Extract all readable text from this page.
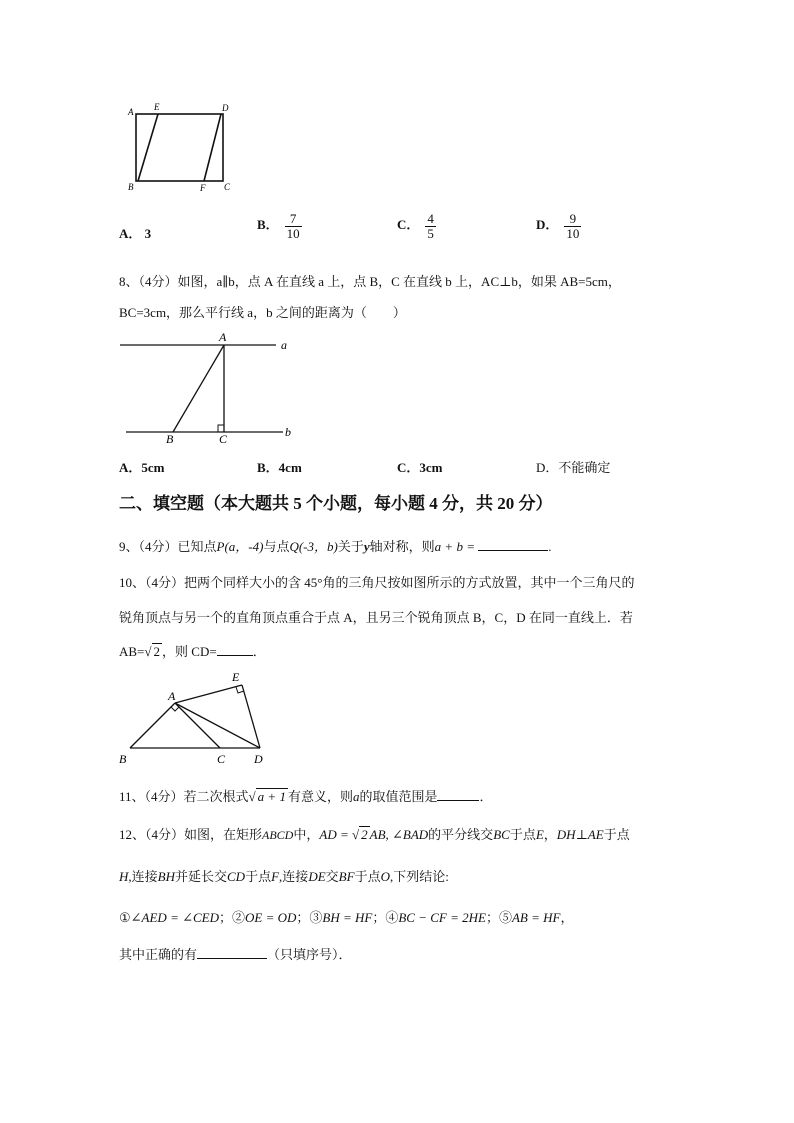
A E	D
B	F C
A． 3
B． $\frac{7}{10}$	C． $\frac{4}{5}$	D． $\frac{9}{10}$
8、（4分）如图，a∥b，点 A 在直线 a 上，点 B，C 在直线 b 上，AC⊥b，如果 AB=5cm，
BC=3cm，那么平行线 a，b 之间的距离为（　　）
A
a
B	C	b
A．5cm	B．4cm	C．3cm	D．不能确定
二、填空题（本大题共 5 个小题，每小题 4 分，共 20 分）
9、（4分）已知点P(a，-4)与点Q(-3，b)关于y轴对称，则a + b =	.
10、（4分）把两个同样大小的含 45°角的三角尺按如图所示的方式放置，其中一个三角尺的
锐角顶点与另一个的直角顶点重合于点 A，且另三个锐角顶点 B，C，D 在同一直线上．若
AB=√ 2 ，则 CD=	．
A
E
B	C D
11、（4分）若二次根式√ a + 1 有意义，则a的取值范围是	．
12、（4分）如图，在矩形ABCD中，AD = √ 2 AB, ∠BAD的平分线交BC于点E，DH⊥AE于点
H,连接BH并延长交CD于点F,连接DE交BF于点O,下列结论:
①∠AED = ∠CED；②OE = OD；③BH = HF；④BC − CF = 2HE；⑤AB = HF，
其中正确的有	（只填序号）．
